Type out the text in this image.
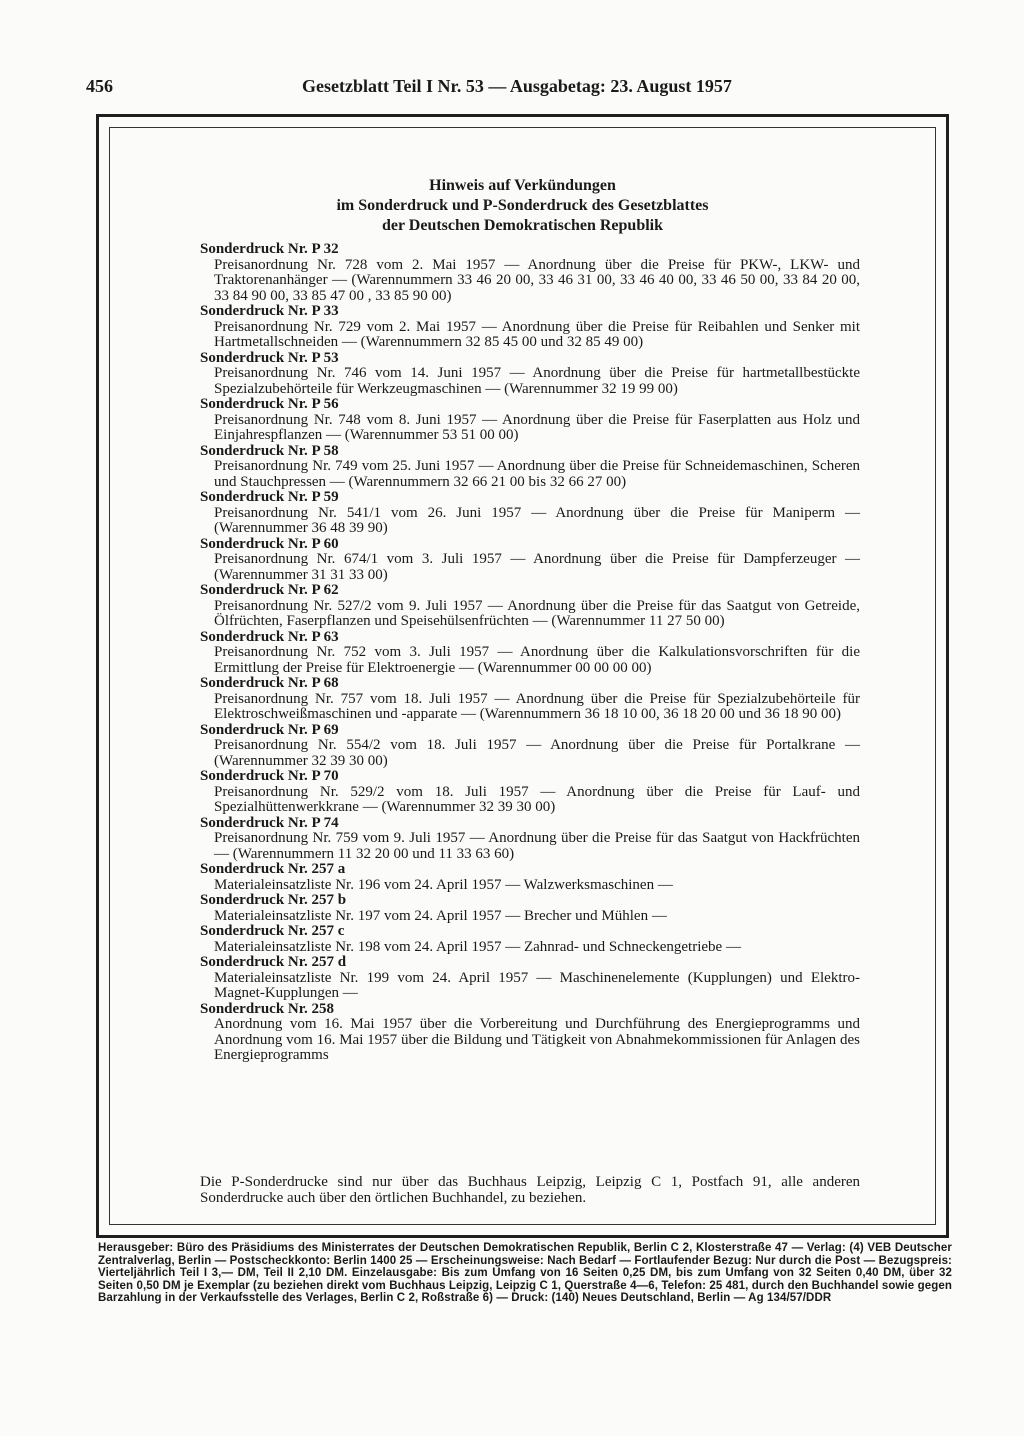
456	Gesetzblatt Teil I Nr. 53 — Ausgabetag: 23. August 1957
Hinweis auf Verkündungen
im Sonderdruck und P-Sonderdruck des Gesetzblattes
der Deutschen Demokratischen Republik
Sonderdruck Nr. P 32
Preisanordnung Nr. 728 vom 2. Mai 1957 — Anordnung über die Preise für PKW-, LKW- und Traktorenanhänger — (Warennummern 33 46 20 00, 33 46 31 00, 33 46 40 00, 33 46 50 00, 33 84 20 00, 33 84 90 00, 33 85 47 00 , 33 85 90 00)
Sonderdruck Nr. P 33
Preisanordnung Nr. 729 vom 2. Mai 1957 — Anordnung über die Preise für Reibahlen und Senker mit Hartmetallschneiden — (Warennummern 32 85 45 00 und 32 85 49 00)
Sonderdruck Nr. P 53
Preisanordnung Nr. 746 vom 14. Juni 1957 — Anordnung über die Preise für hartmetallbestückte Spezialzubehörteile für Werkzeugmaschinen — (Warennummer 32 19 99 00)
Sonderdruck Nr. P 56
Preisanordnung Nr. 748 vom 8. Juni 1957 — Anordnung über die Preise für Faserplatten aus Holz und Einjahrespflanzen — (Warennummer 53 51 00 00)
Sonderdruck Nr. P 58
Preisanordnung Nr. 749 vom 25. Juni 1957 — Anordnung über die Preise für Schneidemaschinen, Scheren und Stauchpressen — (Warennummern 32 66 21 00 bis 32 66 27 00)
Sonderdruck Nr. P 59
Preisanordnung Nr. 541/1 vom 26. Juni 1957 — Anordnung über die Preise für Maniperm — (Warennummer 36 48 39 90)
Sonderdruck Nr. P 60
Preisanordnung Nr. 674/1 vom 3. Juli 1957 — Anordnung über die Preise für Dampferzeuger — (Warennummer 31 31 33 00)
Sonderdruck Nr. P 62
Preisanordnung Nr. 527/2 vom 9. Juli 1957 — Anordnung über die Preise für das Saatgut von Getreide, Ölfrüchten, Faserpflanzen und Speisehülsenfrüchten — (Warennummer 11 27 50 00)
Sonderdruck Nr. P 63
Preisanordnung Nr. 752 vom 3. Juli 1957 — Anordnung über die Kalkulationsvorschriften für die Ermittlung der Preise für Elektroenergie — (Warennummer 00 00 00 00)
Sonderdruck Nr. P 68
Preisanordnung Nr. 757 vom 18. Juli 1957 — Anordnung über die Preise für Spezialzubehörteile für Elektroschweißmaschinen und -apparate — (Warennummern 36 18 10 00, 36 18 20 00 und 36 18 90 00)
Sonderdruck Nr. P 69
Preisanordnung Nr. 554/2 vom 18. Juli 1957 — Anordnung über die Preise für Portalkrane — (Warennummer 32 39 30 00)
Sonderdruck Nr. P 70
Preisanordnung Nr. 529/2 vom 18. Juli 1957 — Anordnung über die Preise für Lauf- und Spezialhüttenwerkkrane — (Warennummer 32 39 30 00)
Sonderdruck Nr. P 74
Preisanordnung Nr. 759 vom 9. Juli 1957 — Anordnung über die Preise für das Saatgut von Hackfrüchten — (Warennummern 11 32 20 00 und 11 33 63 60)
Sonderdruck Nr. 257 a
Materialeinsatzliste Nr. 196 vom 24. April 1957 — Walzwerksmaschinen —
Sonderdruck Nr. 257 b
Materialeinsatzliste Nr. 197 vom 24. April 1957 — Brecher und Mühlen —
Sonderdruck Nr. 257 c
Materialeinsatzliste Nr. 198 vom 24. April 1957 — Zahnrad- und Schneckengetriebe —
Sonderdruck Nr. 257 d
Materialeinsatzliste Nr. 199 vom 24. April 1957 — Maschinenelemente (Kupplungen) und Elektro-Magnet-Kupplungen —
Sonderdruck Nr. 258
Anordnung vom 16. Mai 1957 über die Vorbereitung und Durchführung des Energieprogramms und Anordnung vom 16. Mai 1957 über die Bildung und Tätigkeit von Abnahmekommissionen für Anlagen des Energieprogramms
Die P-Sonderdrucke sind nur über das Buchhaus Leipzig, Leipzig C 1, Postfach 91, alle anderen Sonderdrucke auch über den örtlichen Buchhandel, zu beziehen.
Herausgeber: Büro des Präsidiums des Ministerrates der Deutschen Demokratischen Republik, Berlin C 2, Klosterstraße 47 — Verlag: (4) VEB Deutscher Zentralverlag, Berlin — Postscheckkonto: Berlin 1400 25 — Erscheinungsweise: Nach Bedarf — Fortlaufender Bezug: Nur durch die Post — Bezugspreis: Vierteljährlich Teil I 3,— DM, Teil II 2,10 DM. Einzelausgabe: Bis zum Umfang von 16 Seiten 0,25 DM, bis zum Umfang von 32 Seiten 0,40 DM, über 32 Seiten 0,50 DM je Exemplar (zu beziehen direkt vom Buchhaus Leipzig, Leipzig C 1, Querstraße 4—6, Telefon: 25 481, durch den Buchhandel sowie gegen Barzahlung in der Verkaufsstelle des Verlages, Berlin C 2, Roßstraße 6) — Druck: (140) Neues Deutschland, Berlin — Ag 134/57/DDR
